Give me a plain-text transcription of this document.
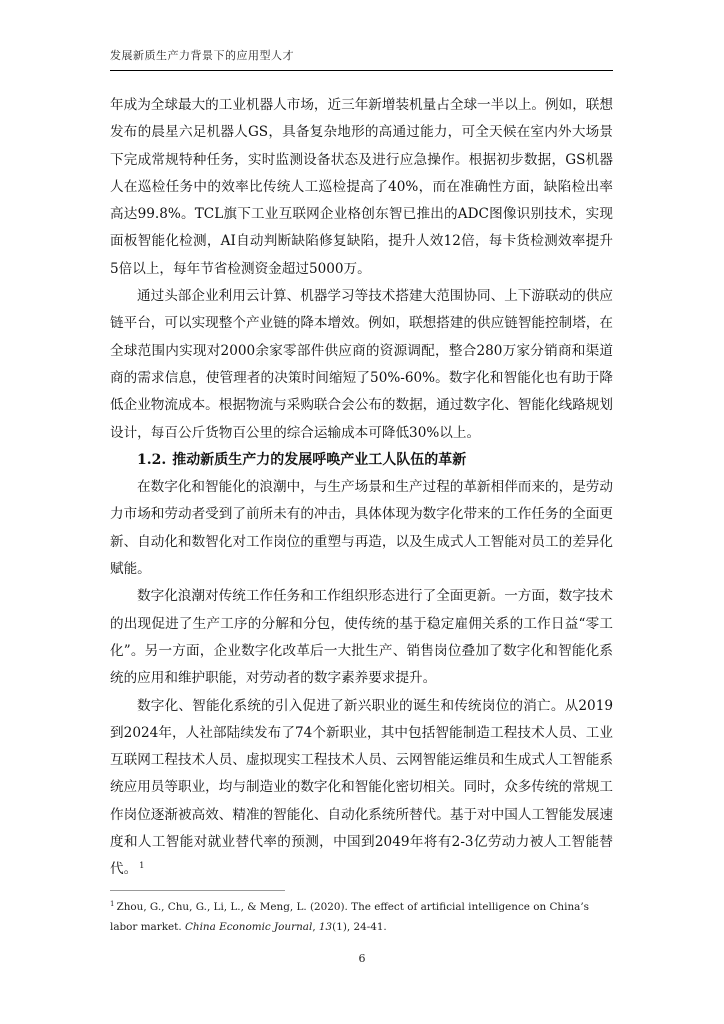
发展新质生产力背景下的应用型人才

年成为全球最大的工业机器人市场，近三年新增装机量占全球一半以上。例如，联想发布的晨星六足机器人GS，具备复杂地形的高通过能力，可全天候在室内外大场景下完成常规特种任务，实时监测设备状态及进行应急操作。根据初步数据，GS机器人在巡检任务中的效率比传统人工巡检提高了40%，而在准确性方面，缺陷检出率高达99.8%。TCL旗下工业互联网企业格创东智已推出的ADC图像识别技术，实现面板智能化检测，AI自动判断缺陷修复缺陷，提升人效12倍，每卡货检测效率提升5倍以上，每年节省检测资金超过5000万。

通过头部企业利用云计算、机器学习等技术搭建大范围协同、上下游联动的供应链平台，可以实现整个产业链的降本增效。例如，联想搭建的供应链智能控制塔，在全球范围内实现对2000余家零部件供应商的资源调配，整合280万家分销商和渠道商的需求信息，使管理者的决策时间缩短了50%-60%。数字化和智能化也有助于降低企业物流成本。根据物流与采购联合会公布的数据，通过数字化、智能化线路规划设计，每百公斤货物百公里的综合运输成本可降低30%以上。

1.2. 推动新质生产力的发展呼唤产业工人队伍的革新

在数字化和智能化的浪潮中，与生产场景和生产过程的革新相伴而来的，是劳动力市场和劳动者受到了前所未有的冲击，具体体现为数字化带来的工作任务的全面更新、自动化和数智化对工作岗位的重塑与再造，以及生成式人工智能对员工的差异化赋能。

数字化浪潮对传统工作任务和工作组织形态进行了全面更新。一方面，数字技术的出现促进了生产工序的分解和分包，使传统的基于稳定雇佣关系的工作日益“零工化”。另一方面，企业数字化改革后一大批生产、销售岗位叠加了数字化和智能化系统的应用和维护职能，对劳动者的数字素养要求提升。

数字化、智能化系统的引入促进了新兴职业的诞生和传统岗位的消亡。从2019到2024年，人社部陆续发布了74个新职业，其中包括智能制造工程技术人员、工业互联网工程技术人员、虚拟现实工程技术人员、云网智能运维员和生成式人工智能系统应用员等职业，均与制造业的数字化和智能化密切相关。同时，众多传统的常规工作岗位逐渐被高效、精准的智能化、自动化系统所替代。基于对中国人工智能发展速度和人工智能对就业替代率的预测，中国到2049年将有2-3亿劳动力被人工智能替代。 $^1$

$^1$ Zhou, G., Chu, G., Li, L., & Meng, L. (2020). The effect of artificial intelligence on China’s labor market. China Economic Journal, 13(1), 24-41.
6
